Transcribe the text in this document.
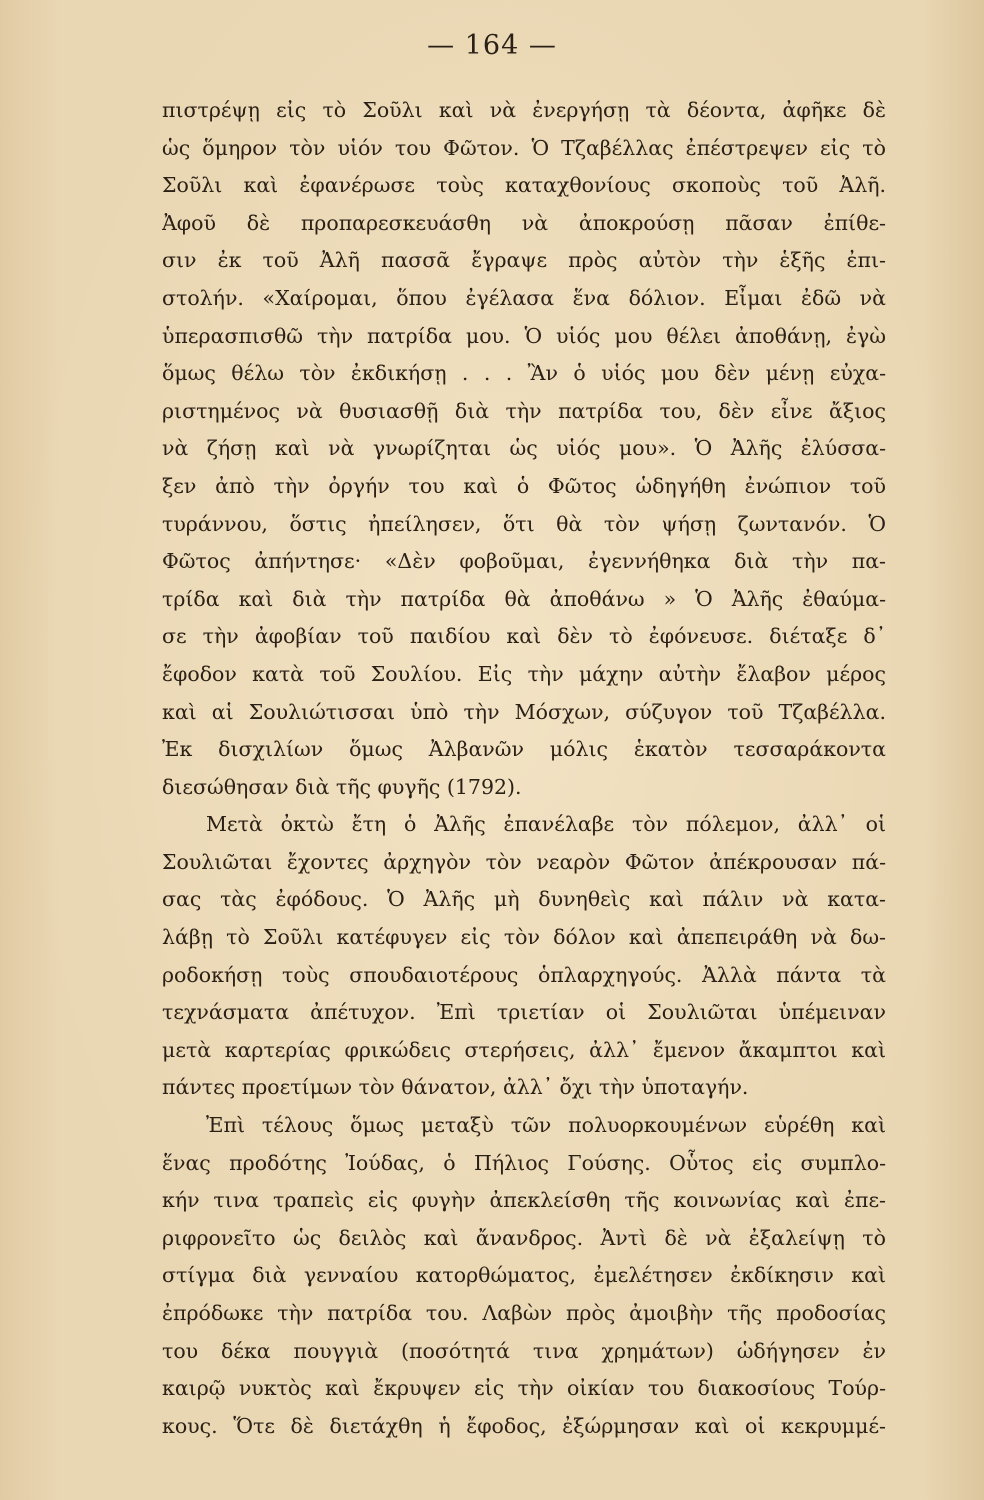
— 164 —
πιστρέψῃ εἰς τὸ Σοῦλι καὶ νὰ ἐνεργήσῃ τὰ δέοντα, ἀφῆκε δὲ
ὡς ὅμηρον τὸν υἱόν του Φῶτον. Ὁ Τζαβέλλας ἐπέστρεψεν εἰς τὸ
Σοῦλι καὶ ἐφανέρωσε τοὺς καταχθονίους σκοποὺς τοῦ Ἀλῆ.
Ἀφοῦ δὲ προπαρεσκευάσθη νὰ ἀποκρούσῃ πᾶσαν ἐπίθε-
σιν ἐκ τοῦ Ἀλῆ πασσᾶ ἔγραψε πρὸς αὐτὸν τὴν ἑξῆς ἐπι-
στολήν. «Χαίρομαι, ὅπου ἐγέλασα ἕνα δόλιον. Εἶμαι ἐδῶ νὰ
ὑπερασπισθῶ τὴν πατρίδα μου. Ὁ υἱός μου θέλει ἀποθάνῃ, ἐγὼ
ὅμως θέλω τὸν ἐκδικήσῃ . . . Ἂν ὁ υἱός μου δὲν μένῃ εὐχα-
ριστημένος νὰ θυσιασθῇ διὰ τὴν πατρίδα του, δὲν εἶνε ἄξιος
νὰ ζήσῃ καὶ νὰ γνωρίζηται ὡς υἱός μου». Ὁ Ἀλῆς ἐλύσσα-
ξεν ἀπὸ τὴν ὀργήν του καὶ ὁ Φῶτος ὡδηγήθη ἐνώπιον τοῦ
τυράννου, ὅστις ἠπείλησεν, ὅτι θὰ τὸν ψήσῃ ζωντανόν. Ὁ
Φῶτος ἀπήντησε· «Δὲν φοβοῦμαι, ἐγεννήθηκα διὰ τὴν πα-
τρίδα καὶ διὰ τὴν πατρίδα θὰ ἀποθάνω » Ὁ Ἀλῆς ἐθαύμα-
σε τὴν ἀφοβίαν τοῦ παιδίου καὶ δὲν τὸ ἐφόνευσε. διέταξε δ᾽
ἔφοδον κατὰ τοῦ Σουλίου. Εἰς τὴν μάχην αὐτὴν ἔλαβον μέρος
καὶ αἱ Σουλιώτισσαι ὑπὸ τὴν Μόσχων, σύζυγον τοῦ Τζαβέλλα.
Ἐκ δισχιλίων ὅμως Ἀλβανῶν μόλις ἑκατὸν τεσσαράκοντα
διεσώθησαν διὰ τῆς φυγῆς (1792).
Μετὰ ὀκτὼ ἔτη ὁ Ἀλῆς ἐπανέλαβε τὸν πόλεμον, ἀλλ᾽ οἱ
Σουλιῶται ἔχοντες ἀρχηγὸν τὸν νεαρὸν Φῶτον ἀπέκρουσαν πά-
σας τὰς ἐφόδους. Ὁ Ἀλῆς μὴ δυνηθεὶς καὶ πάλιν νὰ κατα-
λάβῃ τὸ Σοῦλι κατέφυγεν εἰς τὸν δόλον καὶ ἀπεπειράθη νὰ δω-
ροδοκήσῃ τοὺς σπουδαιοτέρους ὁπλαρχηγούς. Ἀλλὰ πάντα τὰ
τεχνάσματα ἀπέτυχον. Ἐπὶ τριετίαν οἱ Σουλιῶται ὑπέμειναν
μετὰ καρτερίας φρικώδεις στερήσεις, ἀλλ᾽ ἔμενον ἄκαμπτοι καὶ
πάντες προετίμων τὸν θάνατον, ἀλλ᾽ ὄχι τὴν ὑποταγήν.
Ἐπὶ τέλους ὅμως μεταξὺ τῶν πολυορκουμένων εὑρέθη καὶ
ἕνας προδότης Ἰούδας, ὁ Πήλιος Γούσης. Οὗτος εἰς συμπλο-
κήν τινα τραπεὶς εἰς φυγὴν ἀπεκλείσθη τῆς κοινωνίας καὶ ἐπε-
ριφρονεῖτο ὡς δειλὸς καὶ ἄνανδρος. Ἀντὶ δὲ νὰ ἐξαλείψῃ τὸ
στίγμα διὰ γενναίου κατορθώματος, ἐμελέτησεν ἐκδίκησιν καὶ
ἐπρόδωκε τὴν πατρίδα του. Λαβὼν πρὸς ἀμοιβὴν τῆς προδοσίας
του δέκα πουγγιὰ (ποσότητά τινα χρημάτων) ὡδήγησεν ἐν
καιρῷ νυκτὸς καὶ ἔκρυψεν εἰς τὴν οἰκίαν του διακοσίους Τούρ-
κους. Ὅτε δὲ διετάχθη ἡ ἔφοδος, ἐξώρμησαν καὶ οἱ κεκρυμμέ-
